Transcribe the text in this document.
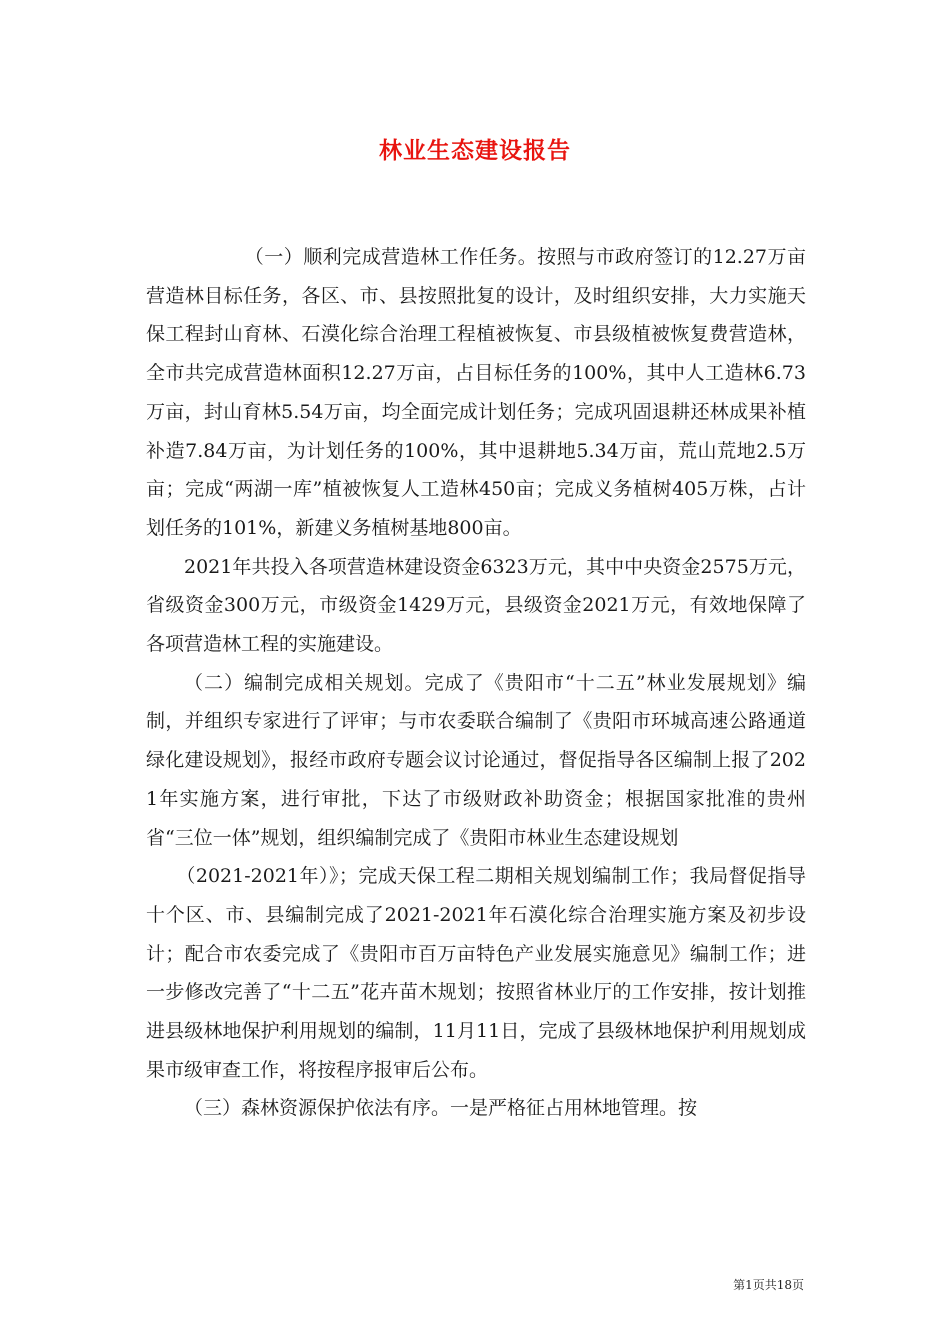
林业生态建设报告

（一）顺利完成营造林工作任务。按照与市政府签订的12.27万亩营造林目标任务，各区、市、县按照批复的设计，及时组织安排，大力实施天保工程封山育林、石漠化综合治理工程植被恢复、市县级植被恢复费营造林，全市共完成营造林面积12.27万亩，占目标任务的100%，其中人工造林6.73万亩，封山育林5.54万亩，均全面完成计划任务；完成巩固退耕还林成果补植补造7.84万亩，为计划任务的100%，其中退耕地5.34万亩，荒山荒地2.5万亩；完成“两湖一库”植被恢复人工造林450亩；完成义务植树405万株，占计划任务的101%，新建义务植树基地800亩。

2021年共投入各项营造林建设资金6323万元，其中中央资金2575万元，省级资金300万元，市级资金1429万元，县级资金2021万元，有效地保障了各项营造林工程的实施建设。

（二）编制完成相关规划。完成了《贵阳市“十二五”林业发展规划》编制，并组织专家进行了评审；与市农委联合编制了《贵阳市环城高速公路通道绿化建设规划》，报经市政府专题会议讨论通过，督促指导各区编制上报了2021年实施方案，进行审批，下达了市级财政补助资金；根据国家批准的贵州省“三位一体”规划，组织编制完成了《贵阳市林业生态建设规划

（2021-2021年）》；完成天保工程二期相关规划编制工作；我局督促指导十个区、市、县编制完成了2021-2021年石漠化综合治理实施方案及初步设计；配合市农委完成了《贵阳市百万亩特色产业发展实施意见》编制工作；进一步修改完善了“十二五”花卉苗木规划；按照省林业厅的工作安排，按计划推进县级林地保护利用规划的编制，11月11日，完成了县级林地保护利用规划成果市级审查工作，将按程序报审后公布。

（三）森林资源保护依法有序。一是严格征占用林地管理。按

第1页共18页
